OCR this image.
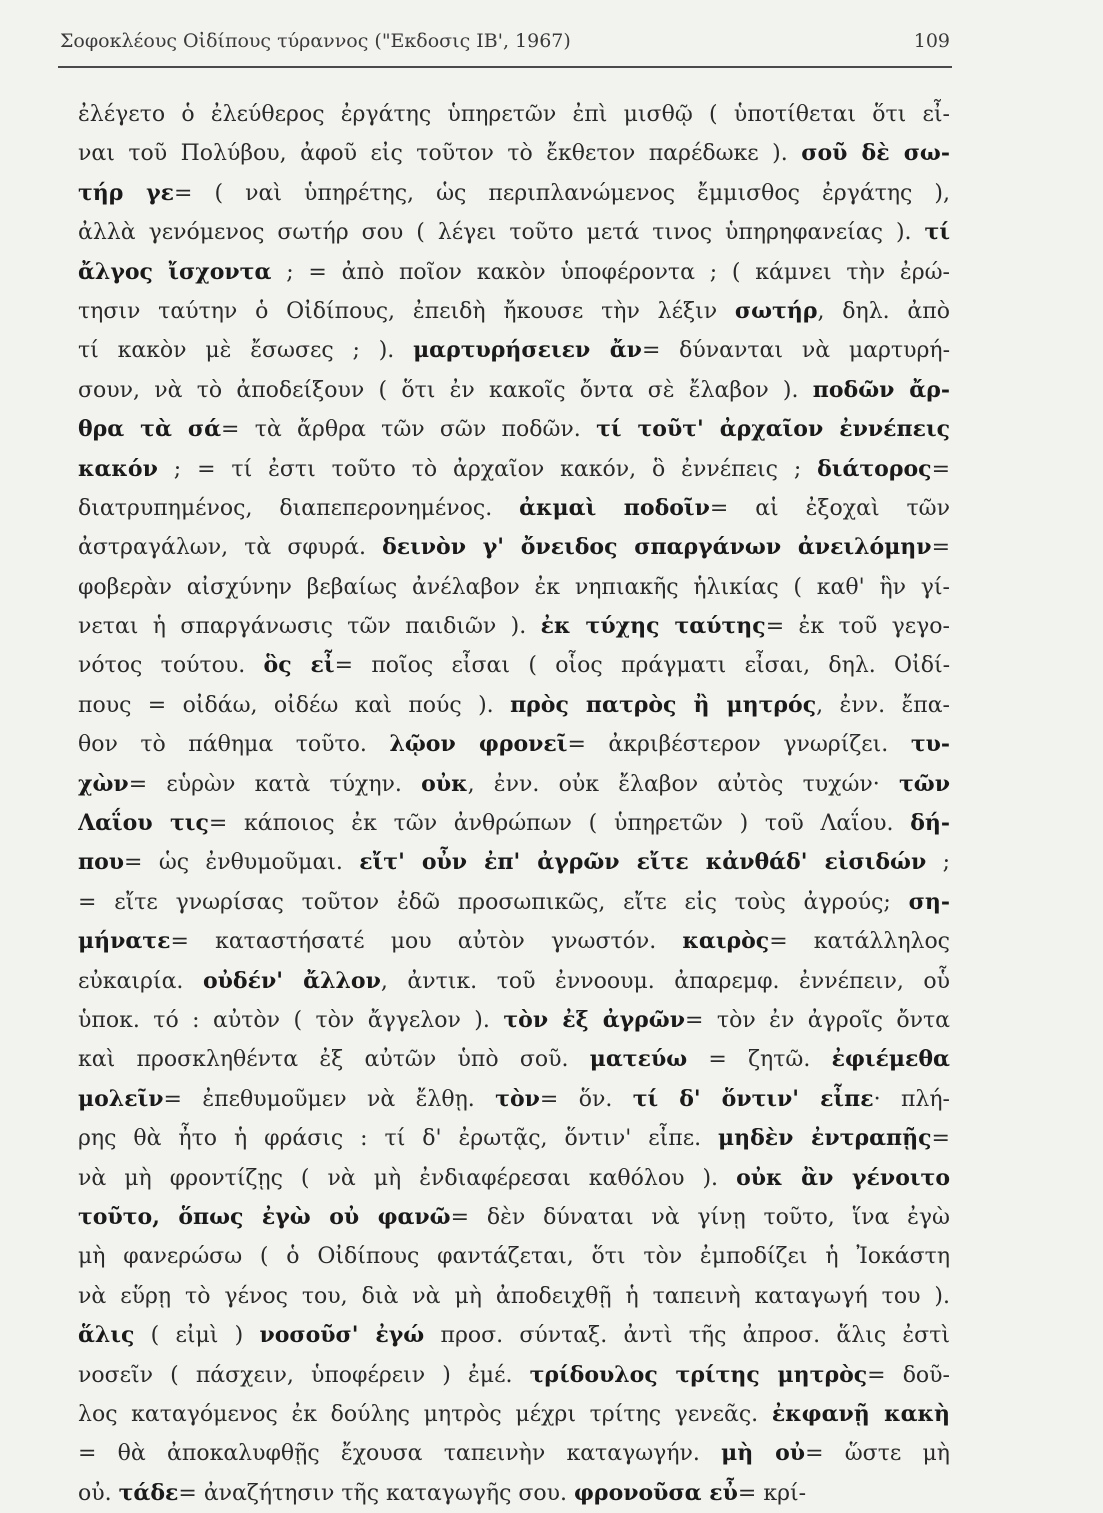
Σοφοκλέους Οἰδίπους τύραννος ("Εκδοσις ΙΒ', 1967)	109
ἐλέγετο ὁ ἐλεύθερος ἐργάτης ὑπηρετῶν ἐπὶ μισθῷ ( ὑποτίθεται ὅτι εἶ-
ναι τοῦ Πολύβου, ἀφοῦ εἰς τοῦτον τὸ ἔκθετον παρέδωκε ). σοῦ δὲ σω-
τήρ γε= ( ναὶ ὑπηρέτης, ὡς περιπλανώμενος ἔμμισθος ἐργάτης ),
ἀλλὰ γενόμενος σωτήρ σου ( λέγει τοῦτο μετά τινος ὑπηρηφανείας ). τί
ἄλγος ἴσχοντα ; = ἀπὸ ποῖον κακὸν ὑποφέροντα ; ( κάμνει τὴν ἐρώ-
τησιν ταύτην ὁ Οἰδίπους, ἐπειδὴ ἤκουσε τὴν λέξιν σωτήρ, δηλ. ἀπὸ
τί κακὸν μὲ ἔσωσες ; ). μαρτυρήσειεν ἄν= δύνανται νὰ μαρτυρή-
σουν, νὰ τὸ ἀποδείξουν ( ὅτι ἐν κακοῖς ὄντα σὲ ἔλαβον ). ποδῶν ἄρ-
θρα τὰ σά= τὰ ἄρθρα τῶν σῶν ποδῶν. τί τοῦτ' ἀρχαῖον ἐννέπεις
κακόν ; = τί ἐστι τοῦτο τὸ ἀρχαῖον κακόν, ὃ ἐννέπεις ; διάτορος=
διατρυπημένος, διαπεπερονημένος. ἀκμαὶ ποδοῖν= αἱ ἐξοχαὶ τῶν
ἀστραγάλων, τὰ σφυρά. δεινὸν γ' ὄνειδος σπαργάνων ἀνειλόμην=
φοβερὰν αἰσχύνην βεβαίως ἀνέλαβον ἐκ νηπιακῆς ἡλικίας ( καθ' ἣν γί-
νεται ἡ σπαργάνωσις τῶν παιδιῶν ). ἐκ τύχης ταύτης= ἐκ τοῦ γεγο-
νότος τούτου. ὃς εἶ= ποῖος εἶσαι ( οἷος πράγματι εἶσαι, δηλ. Οἰδί-
πους = οἰδάω, οἰδέω καὶ πούς ). πρὸς πατρὸς ἢ μητρός, ἐνν. ἔπα-
θον τὸ πάθημα τοῦτο. λῷον φρονεῖ= ἀκριβέστερον γνωρίζει. τυ-
χὼν= εὑρὼν κατὰ τύχην. οὐκ, ἐνν. οὐκ ἔλαβον αὐτὸς τυχών· τῶν
Λαΐου τις= κάποιος ἐκ τῶν ἀνθρώπων ( ὑπηρετῶν ) τοῦ Λαΐου. δή-
που= ὡς ἐνθυμοῦμαι. εἴτ' οὖν ἐπ' ἀγρῶν εἴτε κἀνθάδ' εἰσιδών ;
= εἴτε γνωρίσας τοῦτον ἐδῶ προσωπικῶς, εἴτε εἰς τοὺς ἀγρούς; ση-
μήνατε= καταστήσατέ μου αὐτὸν γνωστόν. καιρὸς= κατάλληλος
εὐκαιρία. οὐδέν' ἄλλον, ἀντικ. τοῦ ἐννοουμ. ἀπαρεμφ. ἐννέπειν, οὗ
ὑποκ. τό : αὐτὸν ( τὸν ἄγγελον ). τὸν ἐξ ἀγρῶν= τὸν ἐν ἀγροῖς ὄντα
καὶ προσκληθέντα ἐξ αὐτῶν ὑπὸ σοῦ. ματεύω = ζητῶ. ἐφιέμεθα
μολεῖν= ἐπεθυμοῦμεν νὰ ἔλθῃ. τὸν= ὅν. τί δ' ὅντιν' εἶπε· πλή-
ρης θὰ ἦτο ἡ φράσις : τί δ' ἐρωτᾷς, ὅντιν' εἶπε. μηδὲν ἐντραπῇς=
νὰ μὴ φροντίζῃς ( νὰ μὴ ἐνδιαφέρεσαι καθόλου ). οὐκ ἂν γένοιτο
τοῦτο, ὅπως ἐγὼ οὐ φανῶ= δὲν δύναται νὰ γίνῃ τοῦτο, ἵνα ἐγὼ
μὴ φανερώσω ( ὁ Οἰδίπους φαντάζεται, ὅτι τὸν ἐμποδίζει ἡ Ἰοκάστη
νὰ εὕρῃ τὸ γένος του, διὰ νὰ μὴ ἀποδειχθῇ ἡ ταπεινὴ καταγωγή του ).
ἅλις ( εἰμὶ ) νοσοῦσ' ἐγώ προσ. σύνταξ. ἀντὶ τῆς ἀπροσ. ἅλις ἐστὶ
νοσεῖν ( πάσχειν, ὑποφέρειν ) ἐμέ. τρίδουλος τρίτης μητρὸς= δοῦ-
λος καταγόμενος ἐκ δούλης μητρὸς μέχρι τρίτης γενεᾶς. ἐκφανῇ κακὴ
= θὰ ἀποκαλυφθῇς ἔχουσα ταπεινὴν καταγωγήν. μὴ οὐ= ὥστε μὴ
οὐ. τάδε= ἀναζήτησιν τῆς καταγωγῆς σου. φρονοῦσα εὖ= κρί-
